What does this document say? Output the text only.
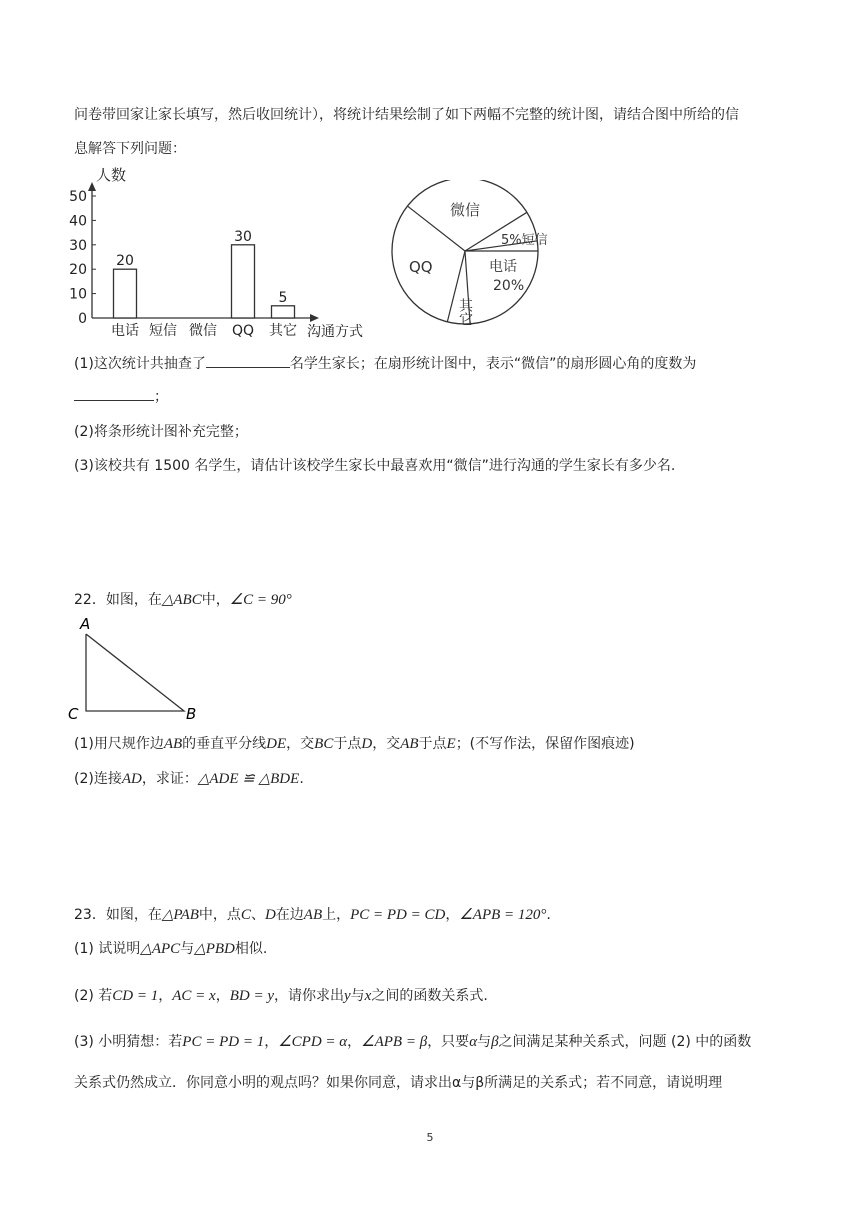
问卷带回家让家长填写，然后收回统计），将统计结果绘制了如下两幅不完整的统计图，请结合图中所给的信
息解答下列问题：
0
10
20
30
40
50
人数
电话
20
短信 微信 QQ
30
其它
5
沟通方式
微信
5%短信
电话
20%
其它
QQ
(1)这次统计共抽查了	名学生家长；在扇形统计图中，表示“微信”的扇形圆心角的度数为
；
(2)将条形统计图补充完整；
(3)该校共有 1500 名学生，请估计该校学生家长中最喜欢用“微信”进行沟通的学生家长有多少名.
22．如图，在△ABC中，∠C = 90°
A
C	B
(1)用尺规作边AB的垂直平分线DE，交BC于点D，交AB于点E；(不写作法，保留作图痕迹)
(2)连接AD，求证：△ADE ≌ △BDE.
23．如图，在△PAB中，点C、D在边AB上，PC = PD = CD，∠APB = 120°.
(1) 试说明△APC与△PBD相似.
(2) 若CD = 1，AC = x，BD = y，请你求出y与x之间的函数关系式.
(3) 小明猜想：若PC = PD = 1，∠CPD = α，∠APB = β，只要α与β之间满足某种关系式，问题 (2) 中的函数
关系式仍然成立．你同意小明的观点吗？如果你同意，请求出α与β所满足的关系式；若不同意，请说明理
5
